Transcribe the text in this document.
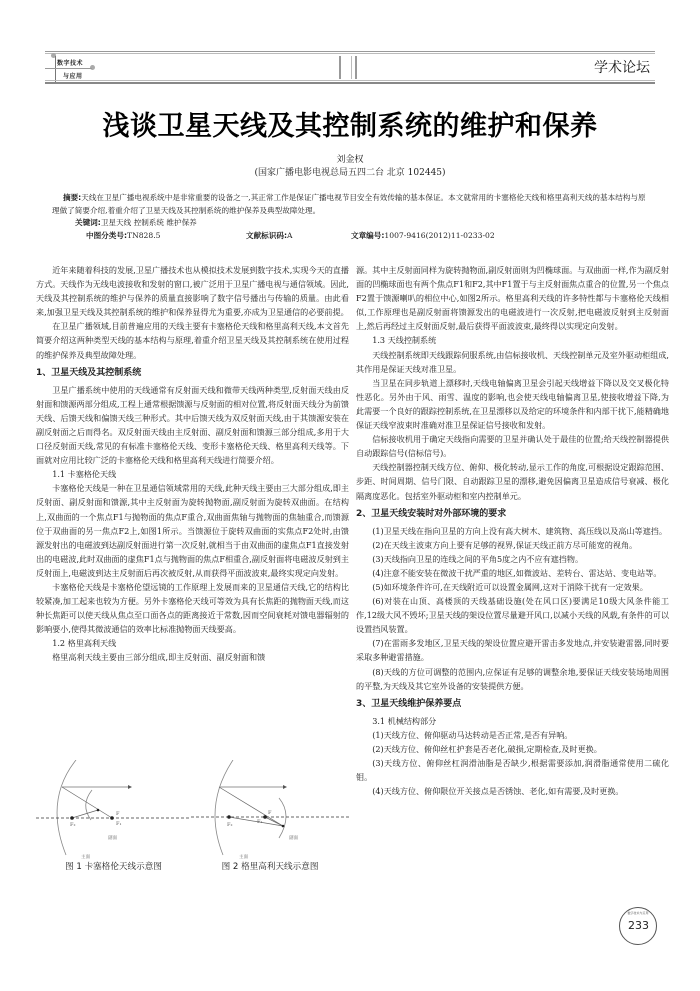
数字技术
与应用
学术论坛
浅谈卫星天线及其控制系统的维护和保养
刘金权
(国家广播电影电视总局五四二台 北京 102445)

摘要:天线在卫星广播电视系统中是非常重要的设备之一,其正常工作是保证广播电视节目安全有效传输的基本保证。本文就常用的卡塞格伦天线和格里高利天线的基本结构与原理做了简要介绍,着重介绍了卫星天线及其控制系统的维护保养及典型故障处理。

关键词:卫星天线 控制系统 维护保养

中图分类号:TN828.5	文献标识码:A	文章编号:1007-9416(2012)11-0233-02

近年来随着科技的发展,卫星广播技术也从模拟技术发展到数字技术,实现今天的直播方式。天线作为无线电波接收和发射的窗口,被广泛用于卫星广播电视与通信领域。因此,天线及其控制系统的维护与保养的质量直接影响了数字信号播出与传输的质量。由此看来,加强卫星天线及其控制系统的维护和保养显得尤为重要,亦成为卫星通信的必要前提。

在卫星广播领域,目前普遍应用的天线主要有卡塞格伦天线和格里高利天线,本文首先简要介绍这两种类型天线的基本结构与原理,着重介绍卫星天线及其控制系统在使用过程的维护保养及典型故障处理。

1、卫星天线及其控制系统

卫星广播系统中使用的天线通常有反射面天线和微带天线两种类型,反射面天线由反射面和馈源两部分组成,工程上通常根据馈源与反射面的相对位置,将反射面天线分为前馈天线、后馈天线和偏馈天线三种形式。其中后馈天线为双反射面天线,由于其馈源安装在副反射面之后而得名。双反射面天线由主反射面、副反射面和馈源三部分组成,多用于大口径反射面天线,常见的有标准卡塞格伦天线、变形卡塞格伦天线、格里高利天线等。下面就对应用比较广泛的卡塞格伦天线和格里高利天线进行简要介绍。

1.1 卡塞格伦天线

卡塞格伦天线是一种在卫星通信领域常用的天线,此种天线主要由三大部分组成,即主反射面、副反射面和馈源,其中主反射面为旋转抛物面,副反射面为旋转双曲面。在结构上,双曲面的一个焦点F1与抛物面的焦点F重合,双曲面焦轴与抛物面的焦轴重合,而馈源位于双曲面的另一焦点F2上,如图1所示。当馈源位于旋转双曲面的实焦点F2处时,由馈源发射出的电磁波到达副反射面进行第一次反射,就相当于由双曲面的虚焦点F1直接发射出的电磁波,此时双曲面的虚焦F1点与抛物面的焦点F相重合,副反射面将电磁波反射到主反射面上,电磁波到达主反射面后再次被反射,从而获得平面波波束,最终实现定向发射。

卡塞格伦天线是卡塞格伦望远镜的工作原理上发展而来的卫星通信天线,它的结构比较紧凑,加工起来也较为方便。另外卡塞格伦天线可等效为具有长焦距的抛物面天线,而这种长焦距可以使天线从焦点至口面各点的距离接近于常数,因而空间衰耗对馈电器辐射的影响要小,使得其微波通信的效率比标准抛物面天线要高。

1.2 格里高利天线

格里高利天线主要由三部分组成,即主反射面、副反射面和馈

F
F₁
F₂
副面
主面
图 1 卡塞格伦天线示意图
F
F₁
F₂
副面
主面
图 2 格里高利天线示意图

源。其中主反射面同样为旋转抛物面,副反射面则为凹椭球面。与双曲面一样,作为副反射面的凹椭球面也有两个焦点F1和F2,其中F1置于与主反射面焦点重合的位置,另一个焦点F2置于馈源喇叭的相位中心,如图2所示。格里高利天线的许多特性都与卡塞格伦天线相似,工作原理也是副反射面将馈源发出的电磁波进行一次反射,把电磁波反射到主反射面上,然后再经过主反射面反射,最后获得平面波波束,最终得以实现定向发射。

1.3 天线控制系统

天线控制系统即天线跟踪伺服系统,由信标接收机、天线控制单元及室外驱动柜组成,其作用是保证天线对准卫星。

当卫星在同步轨道上漂移时,天线电轴偏离卫星会引起天线增益下降以及交叉极化特性恶化。另外由于风、雨雪、温度的影响,也会使天线电轴偏离卫星,使接收增益下降,为此需要一个良好的跟踪控制系统,在卫星漂移以及给定的环境条件和内部干扰下,能精确地保证天线窄波束时准确对准卫星保证信号接收和发射。

信标接收机用于确定天线指向需要的卫星并确认处于最佳的位置;给天线控制器提供自动跟踪信号(信标信号)。

天线控制器控制天线方位、俯仰、极化转动,显示工作的角度,可根据设定跟踪范围、步距、时间周期、信号门限、自动跟踪卫星的漂移,避免因偏离卫星造成信号衰减、极化隔离度恶化。包括室外驱动柜和室内控制单元。

2、卫星天线安装时对外部环境的要求

(1)卫星天线在指向卫星的方向上没有高大树木、建筑物、高压线以及高山等遮挡。

(2)在天线主波束方向上要有足够的视界,保证天线正前方尽可能宽的视角。

(3)天线指向卫星的连线之间的平角5度之内不应有遮挡物。

(4)注意不能安装在微波干扰严重的地区,如微波站、差转台、雷达站、变电站等。

(5)如环境条件许可,在天线附近可以设置金属网,这对于消除干扰有一定效果。

(6)对装在山顶、高楼顶的天线基础设施(处在风口区)要满足10级大风条件能工作,12级大风不毁坏;卫星天线的架设位置尽量避开风口,以减小天线的风载,有条件的可以设置挡风装置。

(7)在雷雨多发地区,卫星天线的架设位置应避开雷击多发地点,并安装避雷器,同时要采取多种避雷措施。

(8)天线的方位可调整的范围内,应保证有足够的调整余地,要保证天线安装场地周围的平整,为天线及其它室外设备的安装提供方便。

3、卫星天线维护保养要点

3.1 机械结构部分

(1)天线方位、俯仰驱动马达转动是否正常,是否有异响。

(2)天线方位、俯仰丝杠护套是否老化,破损,定期检查,及时更换。

(3)天线方位、俯仰丝杠润滑油脂是否缺少,根据需要添加,润滑脂通常使用二硫化钼。

(4)天线方位、俯仰限位开关接点是否锈蚀、老化,如有需要,及时更换。

数字技术与应用
233
